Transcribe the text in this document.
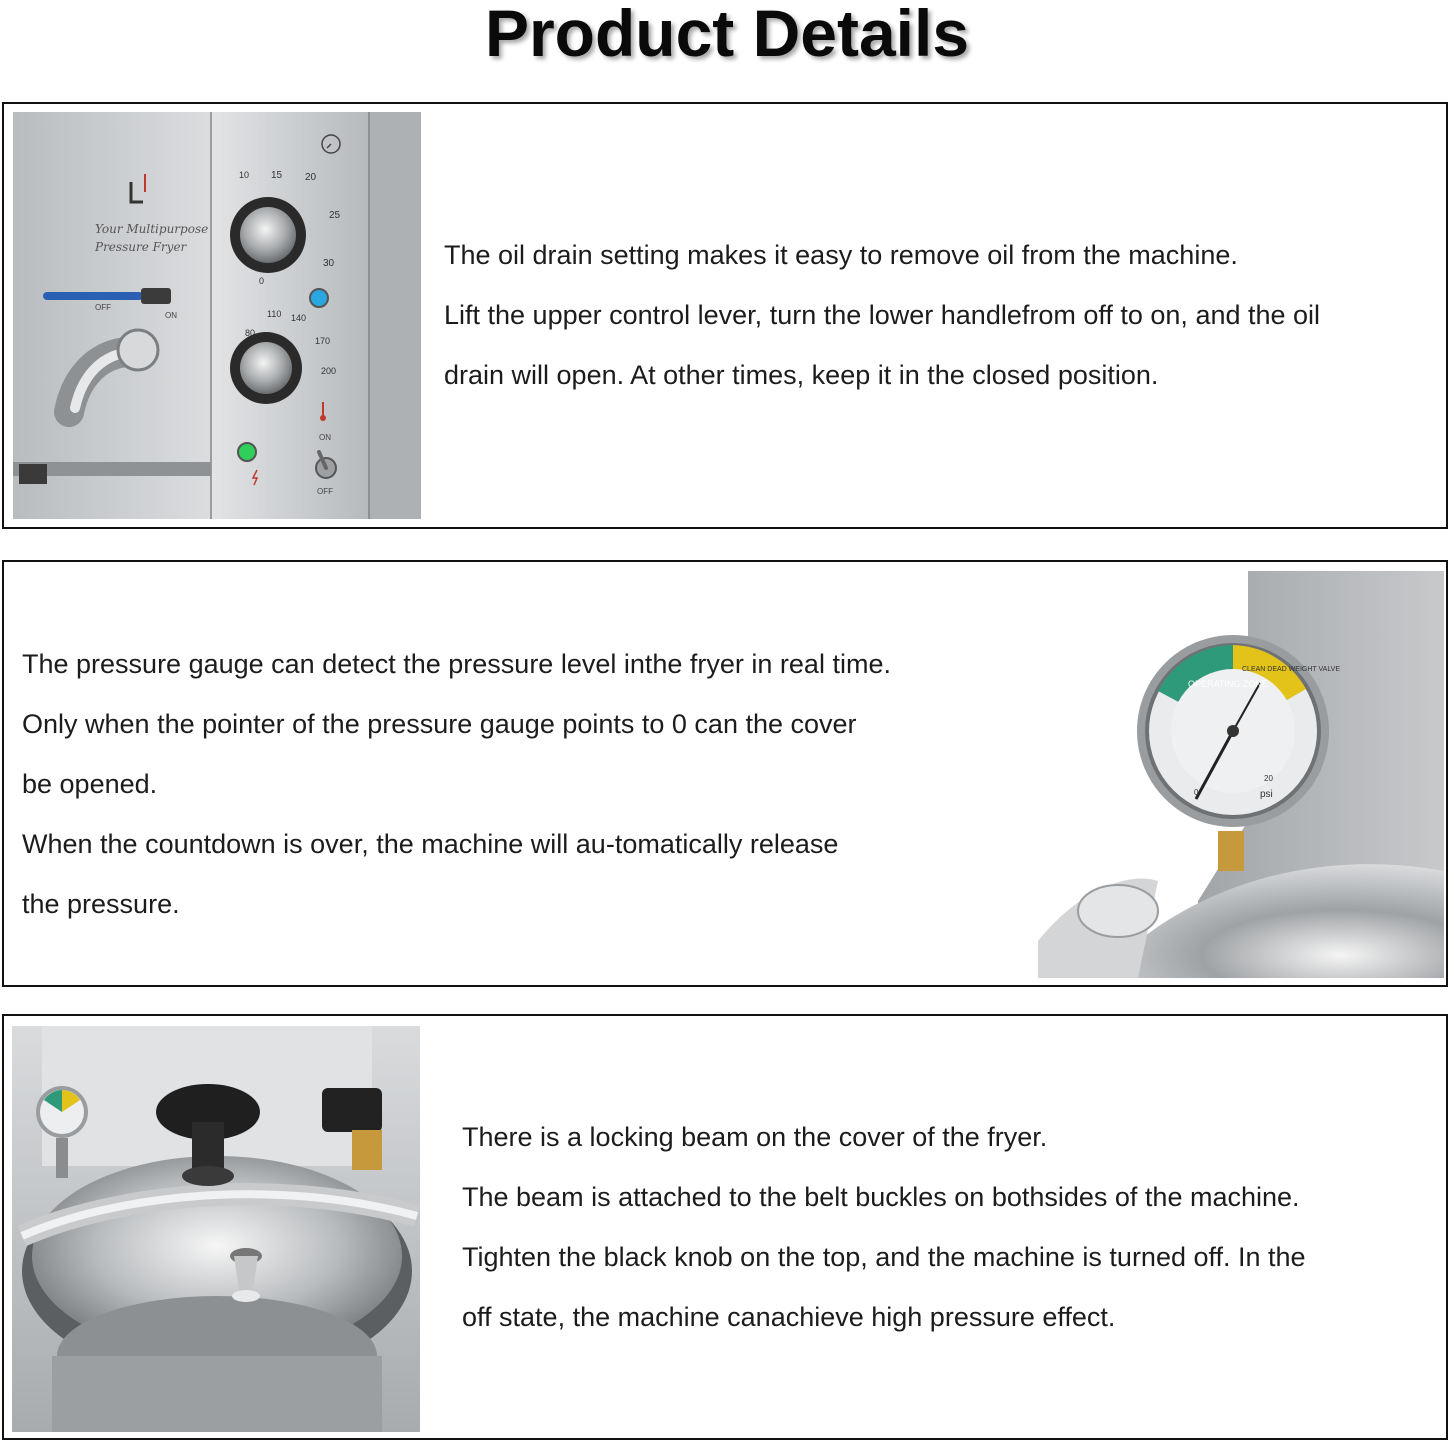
Product Details
Your Multipurpose
Pressure Fryer
OFF
ON
15 20
25
30
10
0
110 140
170
200
80
ON
OFF

The oil drain setting makes it easy to remove oil from the machine.

Lift the upper control lever, turn the lower handlefrom off to on, and the oil

drain will open. At other times, keep it in the closed position.

The pressure gauge can detect the pressure level inthe fryer in real time.

Only when the pointer of the pressure gauge points to 0 can the cover

be opened.

When the countdown is over, the machine will au-tomatically release

the pressure.

OPERATING ZONE
CLEAN DEAD WEIGHT VALVE
0
20
psi

There is a locking beam on the cover of the fryer.

The beam is attached to the belt buckles on bothsides of the machine.

Tighten the black knob on the top, and the machine is turned off. In the

off state, the machine canachieve high pressure effect.
